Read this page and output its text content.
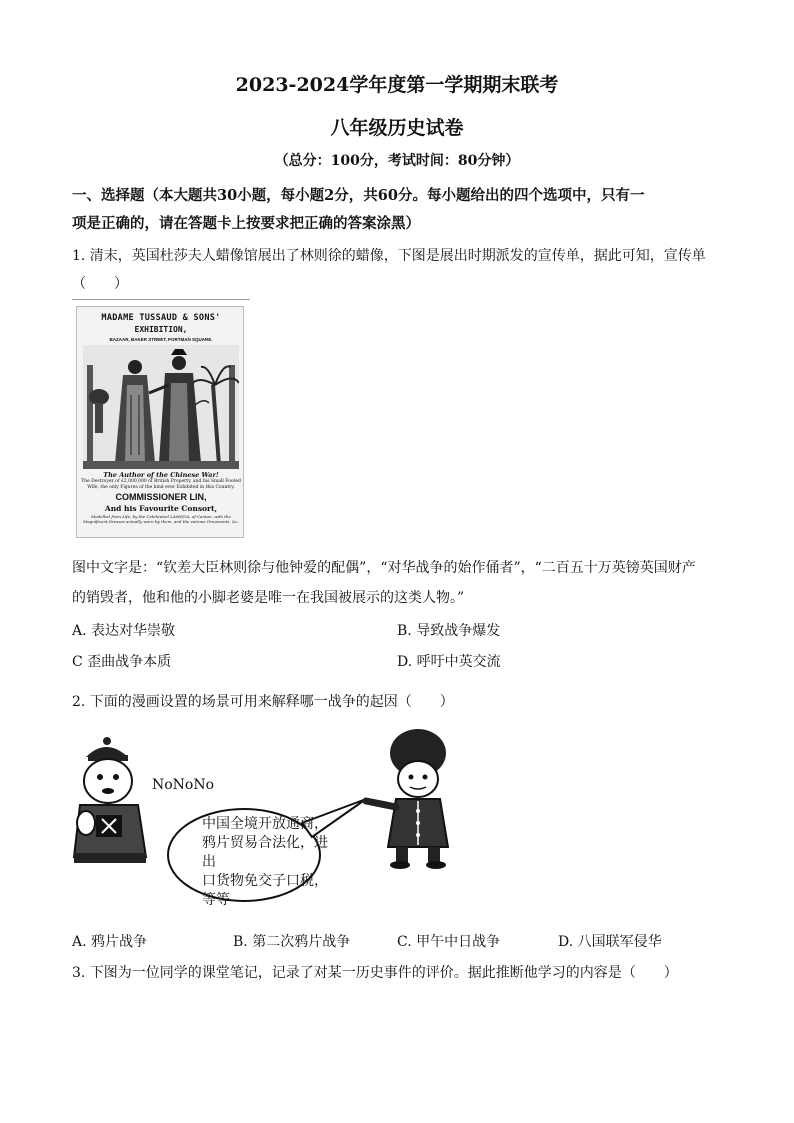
2023-2024学年度第一学期期末联考
八年级历史试卷
（总分：100分，考试时间：80分钟）
一、选择题（本大题共30小题，每小题2分，共60分。每小题给出的四个选项中，只有一
项是正确的，请在答题卡上按要求把正确的答案涂黑）
1. 清末，英国杜莎夫人蜡像馆展出了林则徐的蜡像，下图是展出时期派发的宣传单，据此可知，宣传单
（　　）
MADAME TUSSAUD & SONS'
EXHIBITION,
BAZAAR, BAKER STREET, PORTMAN SQUARE.
The Author of the Chinese War!
The Destroyer of £2,000,000 of British Property, and his Small Footed Wife, the only Figures of the kind ever Exhibited in this Country.
COMMISSIONER LIN,
And his Favourite Consort,
Modelled from Life, by the Celebrated LAMQUA, of Canton, with the Magnificent Dresses actually worn by them, and the various Ornaments, &c.
图中文字是：“钦差大臣林则徐与他钟爱的配偶”，“对华战争的始作俑者”，“二百五十万英镑英国财产
的销毁者，他和他的小脚老婆是唯一在我国被展示的这类人物。”
A. 表达对华崇敬	B. 导致战争爆发
C 歪曲战争本质	D. 呼吁中英交流
2. 下面的漫画设置的场景可用来解释哪一战争的起因（　　）
NoNoNo
中国全境开放通商，
鸦片贸易合法化，进出
口货物免交子口税，
等等
A. 鸦片战争	B. 第二次鸦片战争	C. 甲午中日战争	D. 八国联军侵华
3. 下图为一位同学的课堂笔记，记录了对某一历史事件的评价。据此推断他学习的内容是（　　）
